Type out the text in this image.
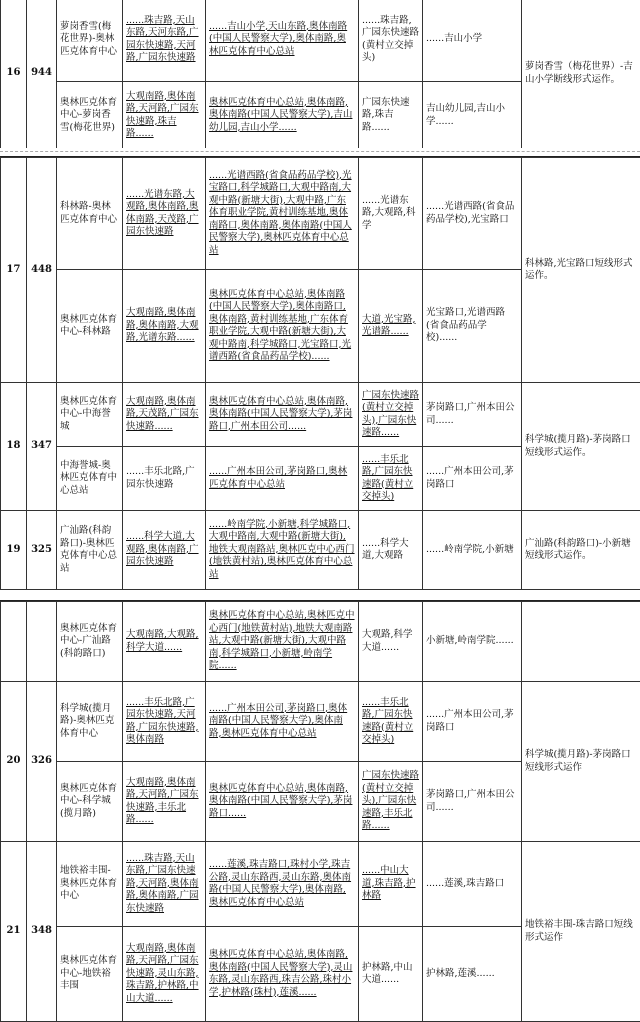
16	944	萝岗香雪(梅花世界)-奥林匹克体育中心	......珠吉路,天山东路,天河东路,广园东快速路,天河路,广园东快速路	......吉山小学,天山东路,奥体南路(中国人民警察大学),奥体南路,奥林匹克体育中心总站	......珠吉路,广园东快速路(黄村立交掉头)	......吉山小学	萝岗香雪（梅花世界）-吉山小学断线形式运作。
		奥林匹克体育中心-萝岗香雪(梅花世界)	大观南路,奥体南路,天河路,广园东快速路,珠吉路......	奥林匹克体育中心总站,奥体南路,奥体南路(中国人民警察大学),吉山幼儿园,吉山小学......	广园东快速路,珠吉路......	吉山幼儿园,吉山小学......	
17	448	科林路-奥林匹克体育中心	......光谱东路,大观路,奥体南路,奥体南路,天茂路,广园东快速路	......光谱西路(省食品药品学校),光宝路口,科学城路口,大观中路南,大观中路(新塘大街),大观中路,广东体育职业学院,黄村训练基地,奥体南路口,奥体南路,奥体南路(中国人民警察大学),奥林匹克体育中心总站	......光谱东路,大观路,科学	......光谱西路(省食品药品学校),光宝路口	科林路,光宝路口短线形式运作。
		奥林匹克体育中心-科林路	大观南路,奥体南路,奥体南路,大观路,光谱东路......	奥林匹克体育中心总站,奥体南路(中国人民警察大学),奥体南路口,奥体南路,黄村训练基地,广东体育职业学院,大观中路(新塘大街),大观中路南,科学城路口,光宝路口,光谱西路(省食品药品学校)......	大道,光宝路,光谱路......	光宝路口,光谱西路(省食品药品学校)......	
18	347	奥林匹克体育中心-中海誉城	大观南路,奥体南路,天茂路,广园东快速路......	奥林匹克体育中心总站,奥体南路,奥体南路(中国人民警察大学),茅岗路口,广州本田公司......	广园东快速路(黄村立交掉头),广园东快速路......	茅岗路口,广州本田公司......	科学城(揽月路)-茅岗路口短线形式运作。
		中海誉城-奥林匹克体育中心总站	......丰乐北路,广园东快速路	......广州本田公司,茅岗路口,奥林匹克体育中心总站	......丰乐北路,广园东快速路(黄村立交掉头)	......广州本田公司,茅岗路口	
19	325	广汕路(科韵路口)-奥林匹克体育中心总站	......科学大道,大观路,奥体南路,广园东快速路	......岭南学院,小新塘,科学城路口,大观中路南,大观中路(新塘大街),地铁大观南路站,奥林匹克中心西门(地铁黄村站),奥林匹克体育中心总站	......科学大道,大观路	......岭南学院,小新塘	广汕路(科韵路口)-小新塘短线形式运作。
		奥林匹克体育中心-广汕路(科韵路口)	大观南路,大观路,科学大道......	奥林匹克体育中心总站,奥林匹克中心西门(地铁黄村站),地铁大观南路站,大观中路(新塘大街),大观中路南,科学城路口,小新塘,岭南学院......	大观路,科学大道......	小新塘,岭南学院......	
20	326	科学城(揽月路)-奥林匹克体育中心	......丰乐北路,广园东快速路,天河路,广园东快速路,奥体南路	......广州本田公司,茅岗路口,奥体南路(中国人民警察大学),奥体南路,奥林匹克体育中心总站	......丰乐北路,广园东快速路(黄村立交掉头)	......广州本田公司,茅岗路口	科学城(揽月路)-茅岗路口短线形式运作
		奥林匹克体育中心-科学城(揽月路)	大观南路,奥体南路,天河路,广园东快速路,丰乐北路......	奥林匹克体育中心总站,奥体南路,奥体南路(中国人民警察大学),茅岗路口......	广园东快速路(黄村立交掉头),广园东快速路,丰乐北路......	茅岗路口,广州本田公司......	
21	348	地铁裕丰围-奥林匹克体育中心	......珠吉路,天山东路,广园东快速路,天河路,奥体南路,奥体南路,广园东快速路	......莲溪,珠吉路口,珠村小学,珠吉公路,灵山东路西,灵山东路,奥体南路(中国人民警察大学),奥体南路,奥林匹克体育中心总站	......中山大道,珠吉路,护林路	......莲溪,珠吉路口	地铁裕丰围-珠吉路口短线形式运作
		奥林匹克体育中心-地铁裕丰围	大观南路,奥体南路,天河路,广园东快速路,灵山东路,珠吉路,护林路,中山大道......	奥林匹克体育中心总站,奥体南路,奥体南路(中国人民警察大学),灵山东路,灵山东路西,珠吉公路,珠村小学,护林路(珠村),莲溪......	护林路,中山大道......	护林路,莲溪......	
